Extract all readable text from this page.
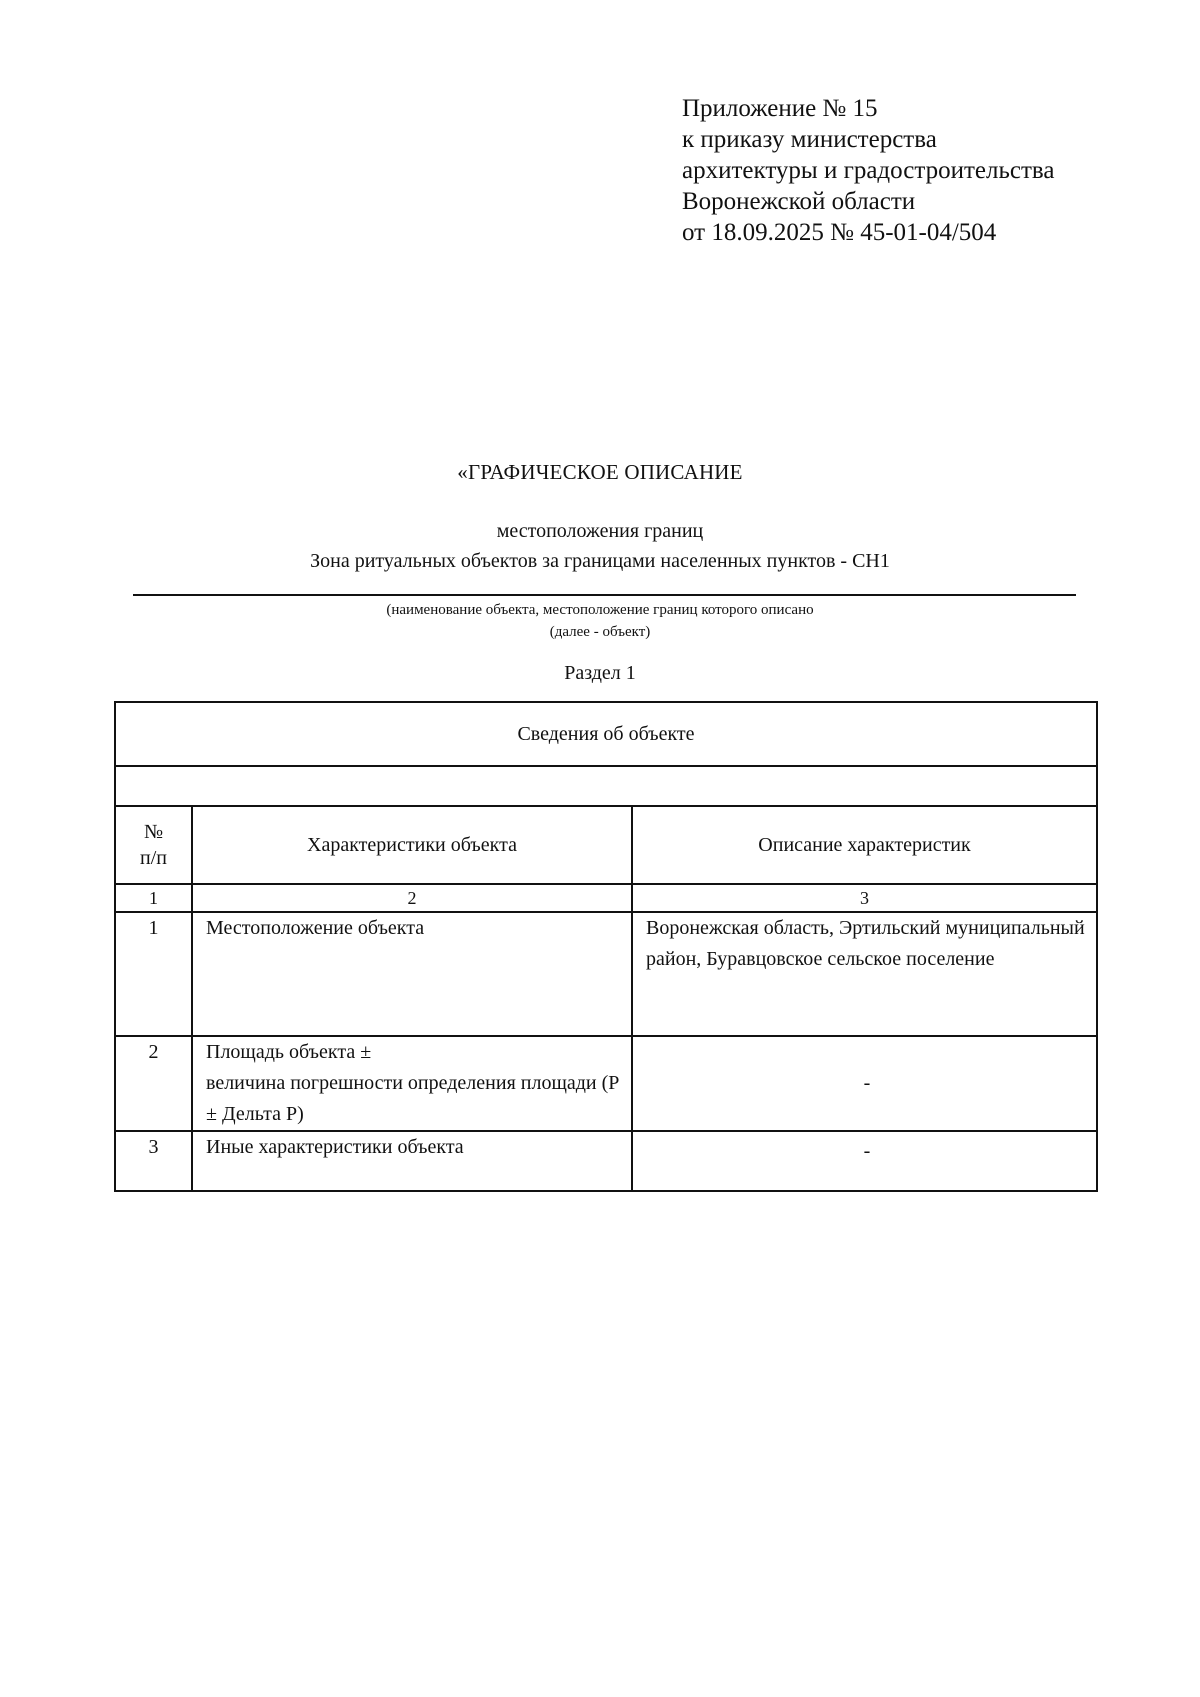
Приложение № 15
к приказу министерства
архитектуры и градостроительства
Воронежской области
от 18.09.2025 № 45-01-04/504
«ГРАФИЧЕСКОЕ ОПИСАНИЕ
местоположения границ
Зона ритуальных объектов за границами населенных пунктов - СН1
(наименование объекта, местоположение границ которого описано
(далее - объект)
Раздел 1
Сведения об объекте		

№
п/п	Характеристики объекта	Описание характеристик
1	2	3
1	Местоположение объекта	Воронежская область, Эртильский муниципальный район, Буравцовское сельское поселение
2	Площадь объекта ±
величина погрешности определения площади (Р ± Дельта Р)	-
3	Иные характеристики объекта	-
